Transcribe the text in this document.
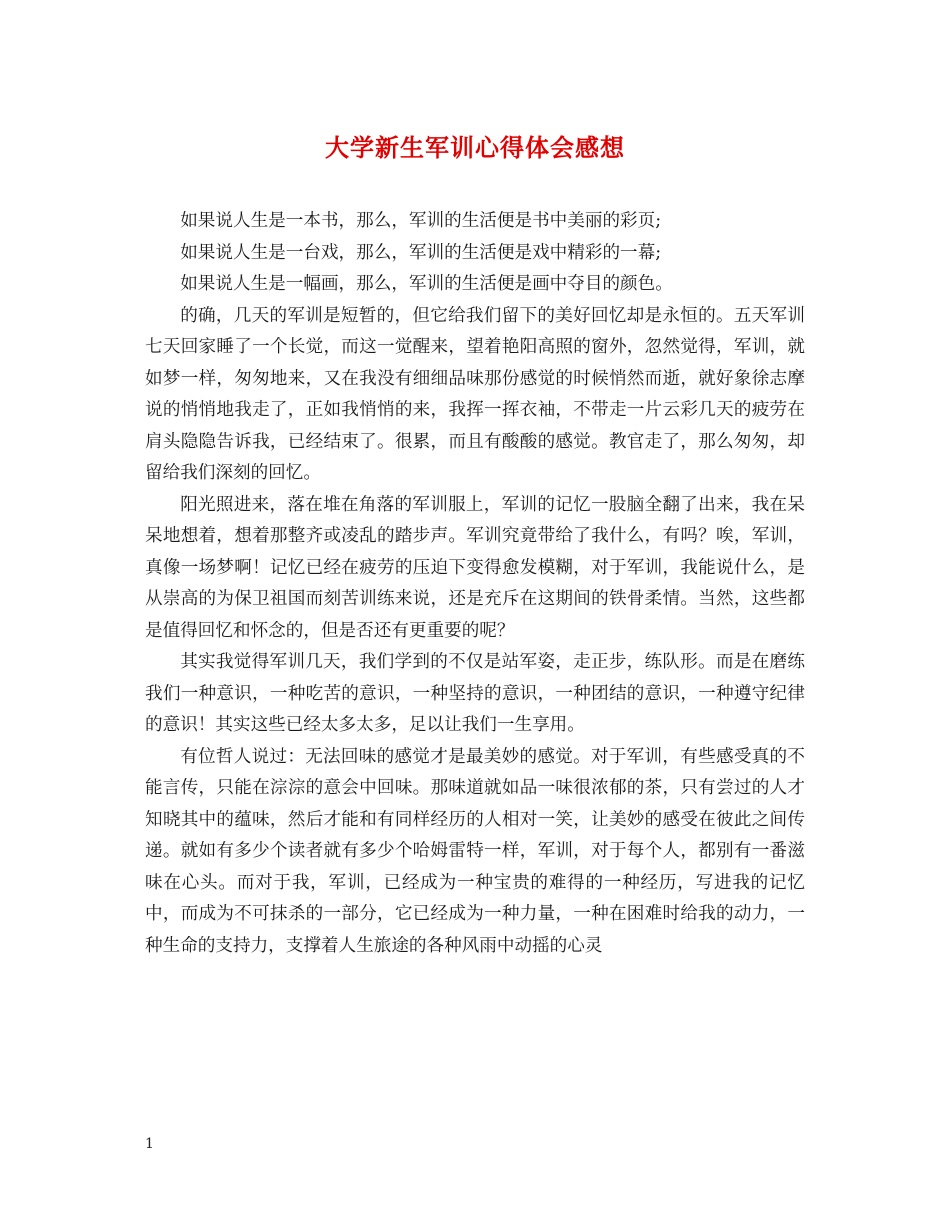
大学新生军训心得体会感想

如果说人生是一本书，那么，军训的生活便是书中美丽的彩页;

如果说人生是一台戏，那么，军训的生活便是戏中精彩的一幕;

如果说人生是一幅画，那么，军训的生活便是画中夺目的颜色。

的确，几天的军训是短暂的，但它给我们留下的美好回忆却是永恒的。五天军训七天回家睡了一个长觉，而这一觉醒来，望着艳阳高照的窗外，忽然觉得，军训，就如梦一样，匆匆地来，又在我没有细细品味那份感觉的时候悄然而逝，就好象徐志摩说的悄悄地我走了，正如我悄悄的来，我挥一挥衣袖，不带走一片云彩几天的疲劳在肩头隐隐告诉我，已经结束了。很累，而且有酸酸的感觉。教官走了，那么匆匆，却留给我们深刻的回忆。

阳光照进来，落在堆在角落的军训服上，军训的记忆一股脑全翻了出来，我在呆呆地想着，想着那整齐或凌乱的踏步声。军训究竟带给了我什么，有吗？唉，军训，真像一场梦啊！记忆已经在疲劳的压迫下变得愈发模糊，对于军训，我能说什么，是从崇高的为保卫祖国而刻苦训练来说，还是充斥在这期间的铁骨柔情。当然，这些都是值得回忆和怀念的，但是否还有更重要的呢？

其实我觉得军训几天，我们学到的不仅是站军姿，走正步，练队形。而是在磨练我们一种意识，一种吃苦的意识，一种坚持的意识，一种团结的意识，一种遵守纪律的意识！其实这些已经太多太多，足以让我们一生享用。

有位哲人说过：无法回味的感觉才是最美妙的感觉。对于军训，有些感受真的不能言传，只能在淙淙的意会中回味。那味道就如品一味很浓郁的茶，只有尝过的人才知晓其中的蕴味，然后才能和有同样经历的人相对一笑，让美妙的感受在彼此之间传递。就如有多少个读者就有多少个哈姆雷特一样，军训，对于每个人，都别有一番滋味在心头。而对于我，军训，已经成为一种宝贵的难得的一种经历，写进我的记忆中，而成为不可抹杀的一部分，它已经成为一种力量，一种在困难时给我的动力，一种生命的支持力，支撑着人生旅途的各种风雨中动摇的心灵

1
